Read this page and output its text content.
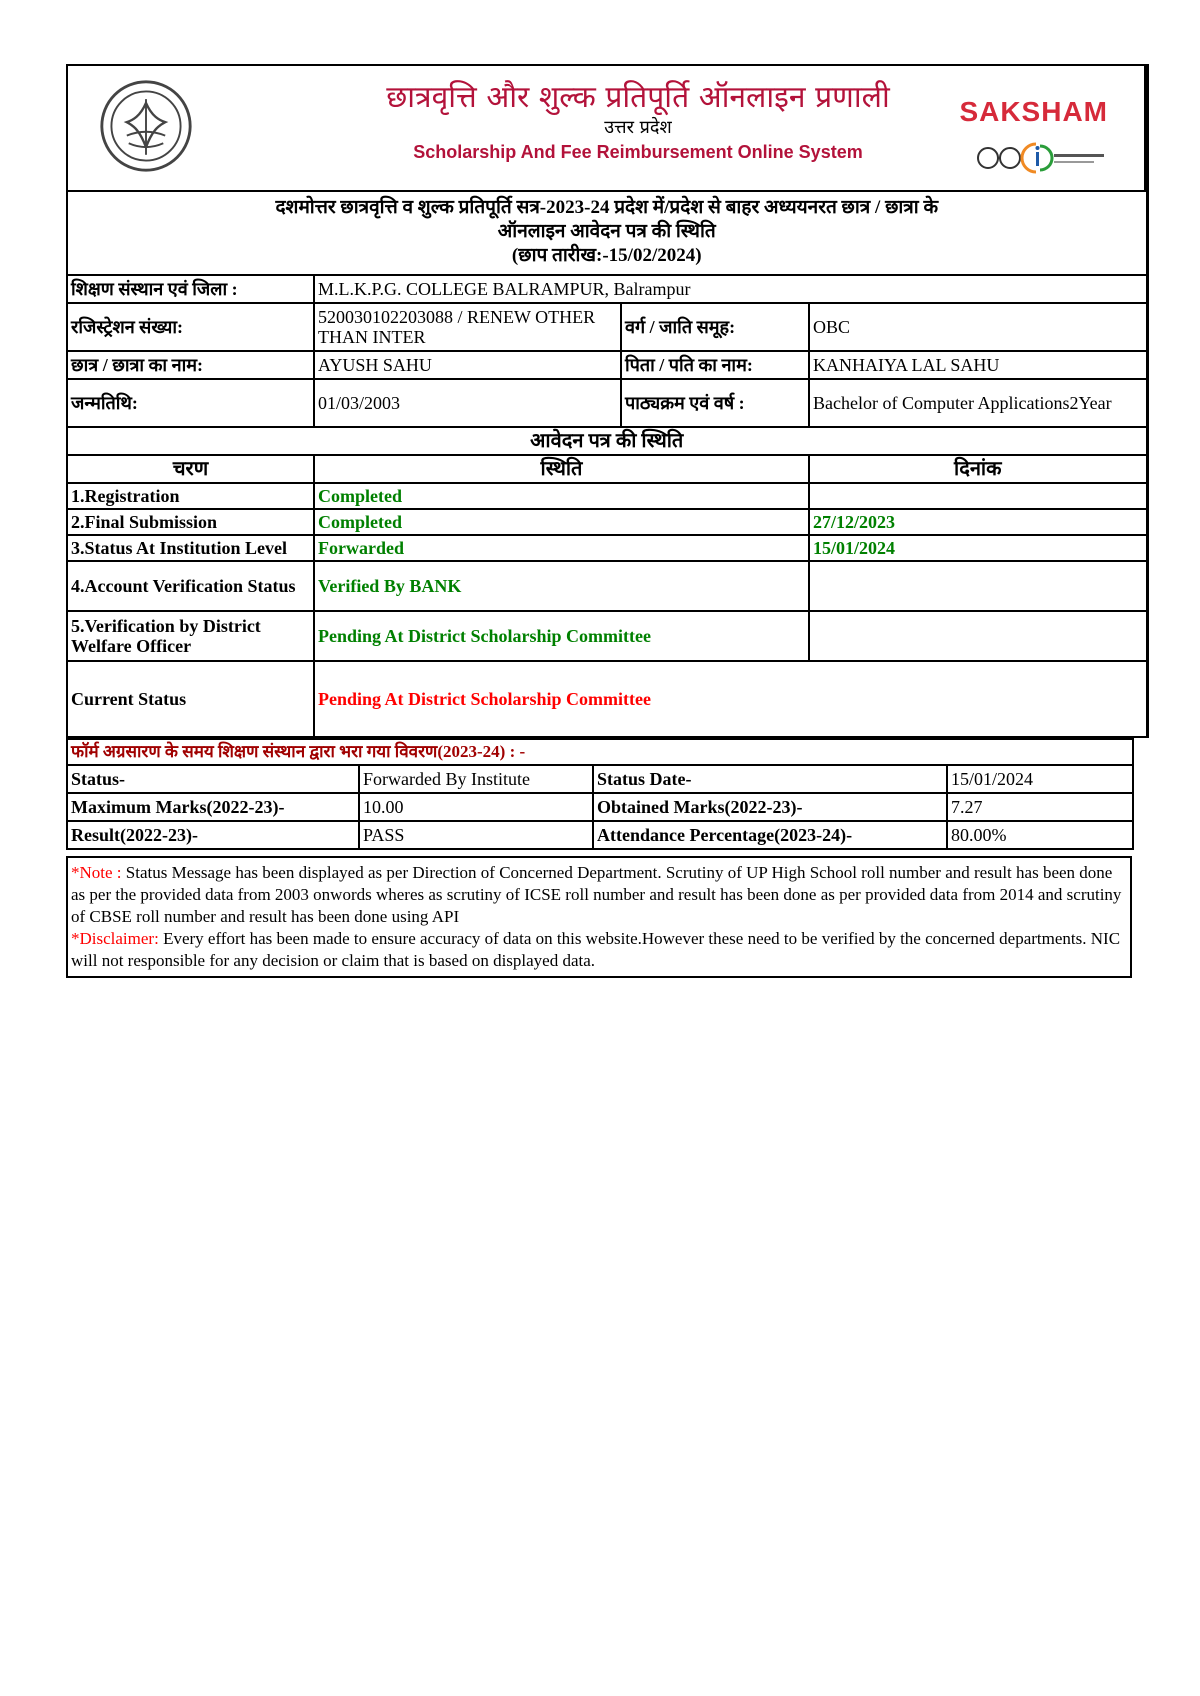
छात्रवृत्ति और शुल्क प्रतिपूर्ति ऑनलाइन प्रणाली
उत्तर प्रदेश
Scholarship And Fee Reimbursement Online System
SAKSHAM
दशमोत्तर छात्रवृत्ति व शुल्क प्रतिपूर्ति सत्र-2023-24 प्रदेश में/प्रदेश से बाहर अध्ययनरत छात्र / छात्रा के
ऑनलाइन आवेदन पत्र की स्थिति
(छाप तारीख:-15/02/2024)			

शिक्षण संस्थान एवं जिला :	M.L.K.P.G. COLLEGE BALRAMPUR, Balrampur		
रजिस्ट्रेशन संख्या:	520030102203088 / RENEW OTHER THAN INTER	वर्ग / जाति समूह:	OBC
छात्र / छात्रा का नाम:	AYUSH SAHU	पिता / पति का नाम:	KANHAIYA LAL SAHU
जन्मतिथि:	01/03/2003	पाठ्यक्रम एवं वर्ष :	Bachelor of Computer Applications2Year
आवेदन पत्र की स्थिति			
चरण	स्थिति		दिनांक
1.Registration	Completed		
2.Final Submission	Completed		27/12/2023
3.Status At Institution Level	Forwarded		15/01/2024
4.Account Verification Status	Verified By BANK		
5.Verification by District Welfare Officer	Pending At District Scholarship Committee		
Current Status	Pending At District Scholarship Committee		
फॉर्म अग्रसारण के समय शिक्षण संस्थान द्वारा भरा गया विवरण(2023-24) : -			
Status-	Forwarded By Institute	Status Date-	15/01/2024
Maximum Marks(2022-23)-	10.00	Obtained Marks(2022-23)-	7.27
Result(2022-23)-	PASS	Attendance Percentage(2023-24)-	80.00%
*Note : Status Message has been displayed as per Direction of Concerned Department. Scrutiny of UP High School roll number and result has been done as per the provided data from 2003 onwords wheres as scrutiny of ICSE roll number and result has been done as per provided data from 2014 and scrutiny of CBSE roll number and result has been done using API
*Disclaimer: Every effort has been made to ensure accuracy of data on this website.However these need to be verified by the concerned departments. NIC will not responsible for any decision or claim that is based on displayed data.
